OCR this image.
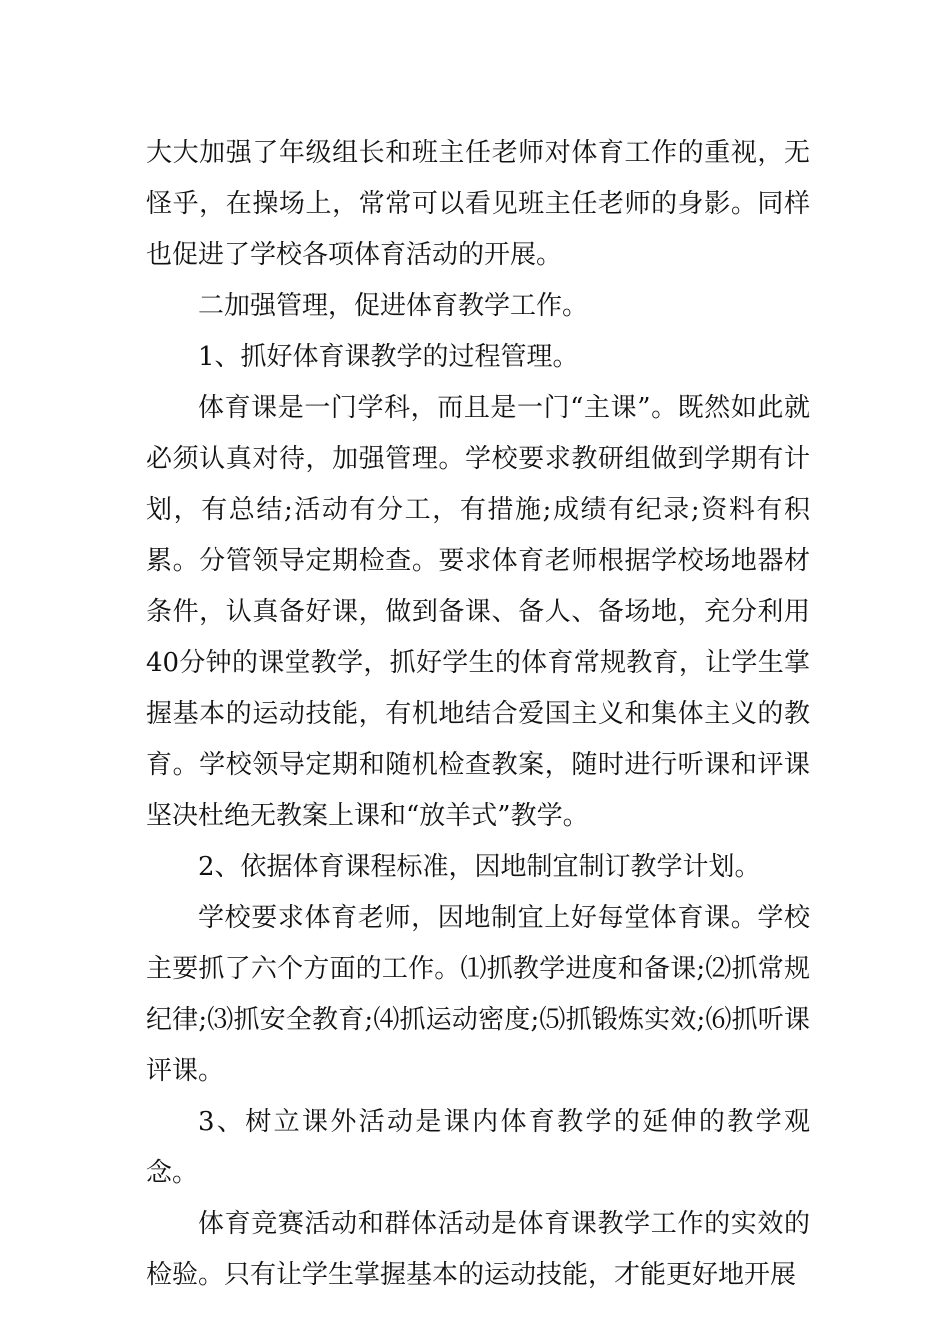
大大加强了年级组长和班主任老师对体育工作的重视，无怪乎，在操场上，常常可以看见班主任老师的身影。同样也促进了学校各项体育活动的开展。

二加强管理，促进体育教学工作。

1、抓好体育课教学的过程管理。

体育课是一门学科，而且是一门“主课”。既然如此就必须认真对待，加强管理。学校要求教研组做到学期有计划，有总结;活动有分工，有措施;成绩有纪录;资料有积累。分管领导定期检查。要求体育老师根据学校场地器材条件，认真备好课，做到备课、备人、备场地，充分利用40分钟的课堂教学，抓好学生的体育常规教育，让学生掌握基本的运动技能，有机地结合爱国主义和集体主义的教育。学校领导定期和随机检查教案，随时进行听课和评课坚决杜绝无教案上课和“放羊式”教学。

2、依据体育课程标准，因地制宜制订教学计划。

学校要求体育老师，因地制宜上好每堂体育课。学校主要抓了六个方面的工作。⑴抓教学进度和备课;⑵抓常规纪律;⑶抓安全教育;⑷抓运动密度;⑸抓锻炼实效;⑹抓听课评课。

3、树立课外活动是课内体育教学的延伸的教学观念。

体育竞赛活动和群体活动是体育课教学工作的实效的检验。只有让学生掌握基本的运动技能，才能更好地开展
